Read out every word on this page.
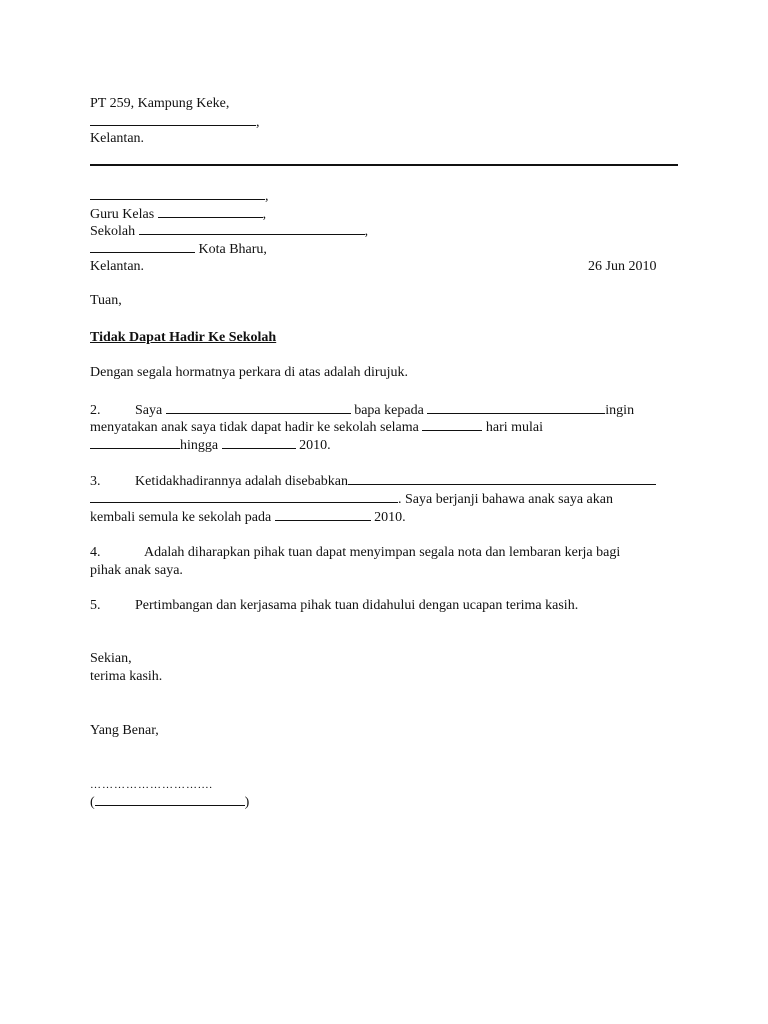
PT 259, Kampung Keke,
,
Kelantan.
,
Guru Kelas	,
Sekolah	,
Kota Bharu,
Kelantan.	26 Jun 2010
Tuan,
Tidak Dapat Hadir Ke Sekolah
Dengan segala hormatnya perkara di atas adalah dirujuk.
2. Saya	bapa kepada	ingin
menyatakan anak saya tidak dapat hadir ke sekolah selama	hari mulai
hingga	2010.
3. Ketidakhadirannya adalah disebabkan
. Saya berjanji bahawa anak saya akan
kembali semula ke sekolah pada	2010.
4.	Adalah diharapkan pihak tuan dapat menyimpan segala nota dan lembaran kerja bagi
pihak anak saya.
5. Pertimbangan dan kerjasama pihak tuan didahului dengan ucapan terima kasih.
Sekian,
terima kasih.
Yang Benar,
………………………....
(	)
